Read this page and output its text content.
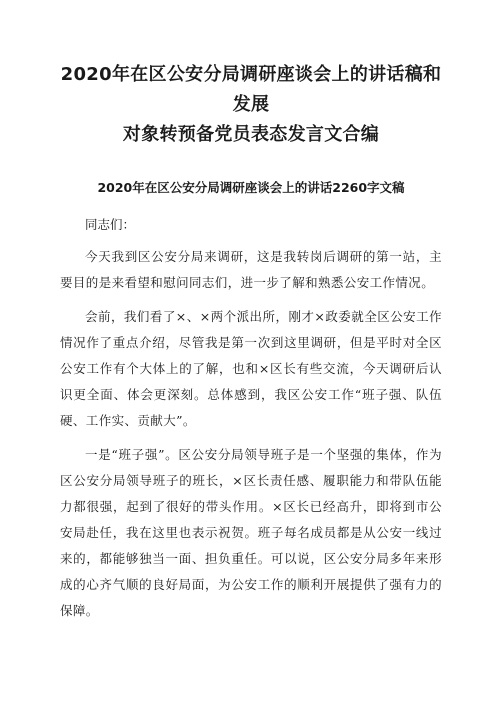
2020年在区公安分局调研座谈会上的讲话稿和发展
对象转预备党员表态发言文合编
2020年在区公安分局调研座谈会上的讲话2260字文稿

同志们：

今天我到区公安分局来调研，这是我转岗后调研的第一站，主要目的是来看望和慰问同志们，进一步了解和熟悉公安工作情况。

会前，我们看了×、×两个派出所，刚才×政委就全区公安工作情况作了重点介绍，尽管我是第一次到这里调研，但是平时对全区公安工作有个大体上的了解，也和×区长有些交流，今天调研后认识更全面、体会更深刻。总体感到，我区公安工作“班子强、队伍硬、工作实、贡献大”。

一是“班子强”。区公安分局领导班子是一个坚强的集体，作为区公安分局领导班子的班长，×区长责任感、履职能力和带队伍能力都很强，起到了很好的带头作用。×区长已经高升，即将到市公安局赴任，我在这里也表示祝贺。班子每名成员都是从公安一线过来的，都能够独当一面、担负重任。可以说，区公安分局多年来形成的心齐气顺的良好局面，为公安工作的顺利开展提供了强有力的保障。
